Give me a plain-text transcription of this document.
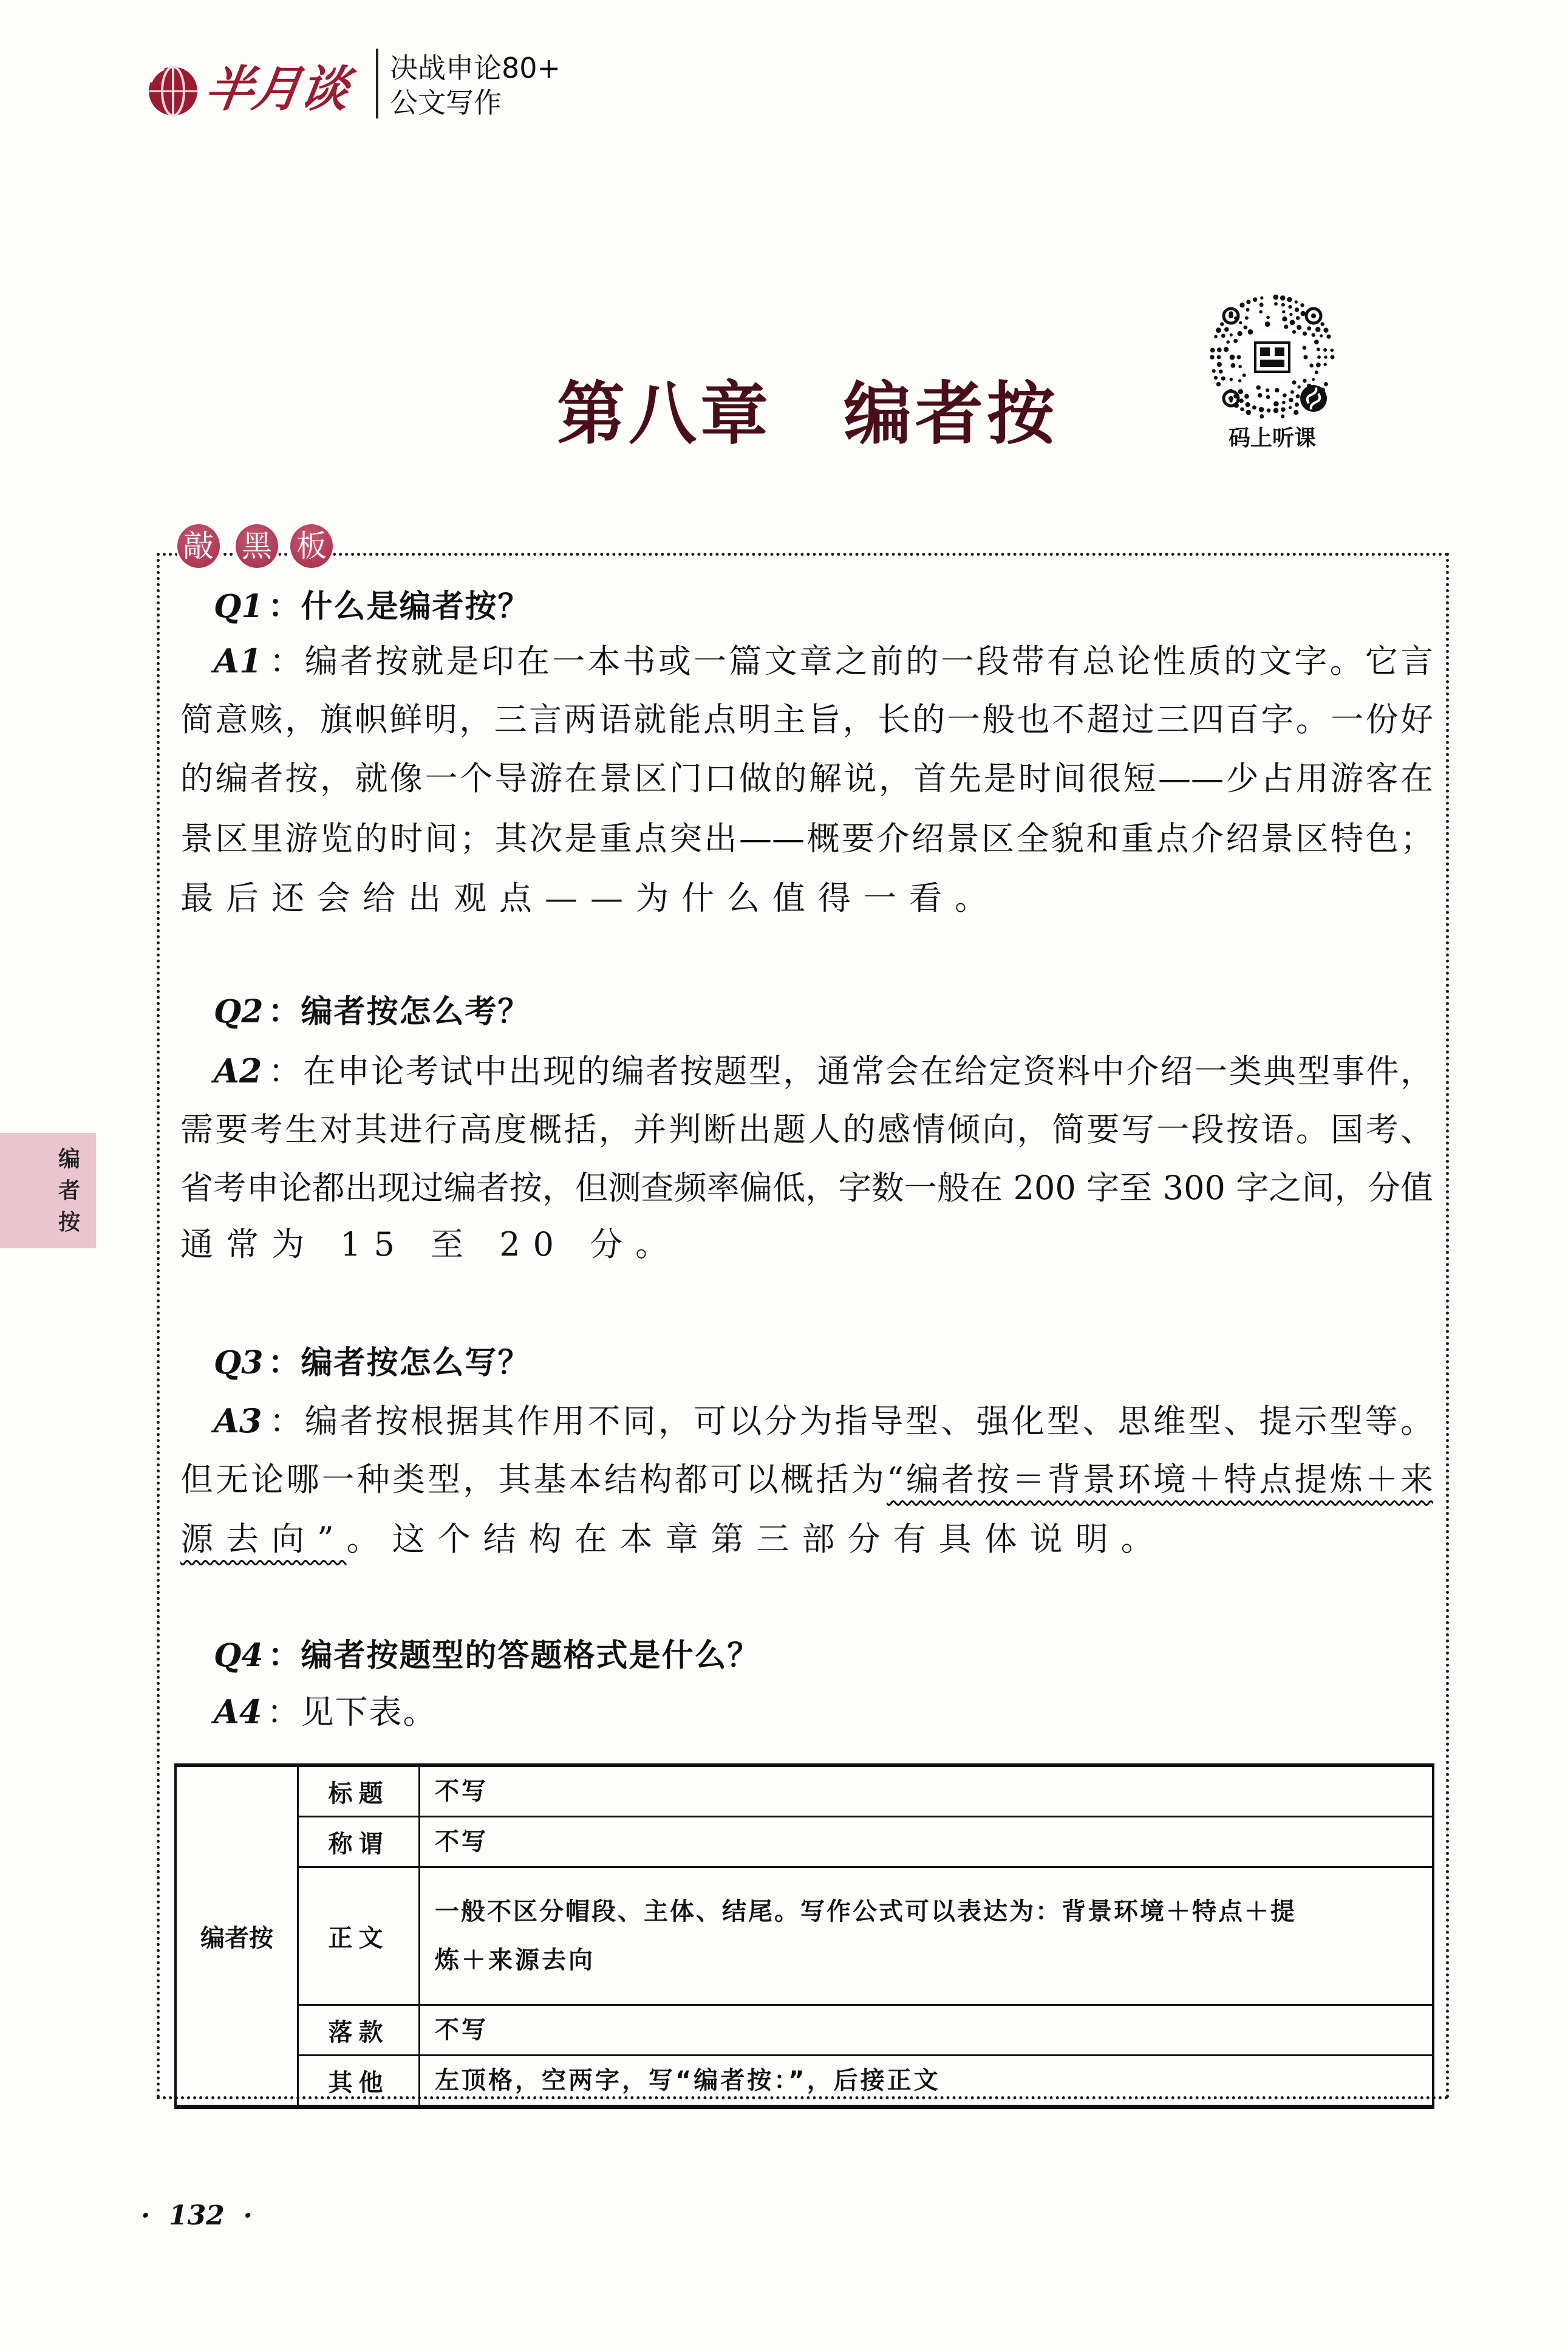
半月谈 决战申论80+
公文写作
第八章　编者按	码上听课
编者按
敲 黑 板
Q1 ：什么是编者按？
A1 ：编者按就是印在一本书或一篇文章之前的一段带有总论性质的文字。它言
简意赅，旗帜鲜明，三言两语就能点明主旨，长的一般也不超过三四百字。一份好
的编者按，就像一个导游在景区门口做的解说，首先是时间很短——少占用游客在
景区里游览的时间；其次是重点突出——概要介绍景区全貌和重点介绍景区特色；
最后还会给出观点——为什么值得一看。
Q2 ：编者按怎么考？
A2 ：在申论考试中出现的编者按题型，通常会在给定资料中介绍一类典型事件，
需要考生对其进行高度概括，并判断出题人的感情倾向，简要写一段按语。国考、
省考申论都出现过编者按，但测查频率偏低，字数一般在 200 字至 300 字之间，分值
通常为 15 至 20 分。
Q3 ：编者按怎么写？
A3 ：编者按根据其作用不同，可以分为指导型、强化型、思维型、提示型等。
但无论哪一种类型，其基本结构都可以概括为“编者按＝背景环境＋特点提炼＋来
源去向”。这个结构在本章第三部分有具体说明。
Q4 ：编者按题型的答题格式是什么？
A4 ：见下表。
编者按	标题	不写
	称谓	不写
	正文	一般不区分帽段、主体、结尾。写作公式可以表达为：背景环境＋特点＋提
炼＋来源去向

	落款	不写
	其他	左顶格，空两字，写“编者按：”，后接正文
·  132  ·
